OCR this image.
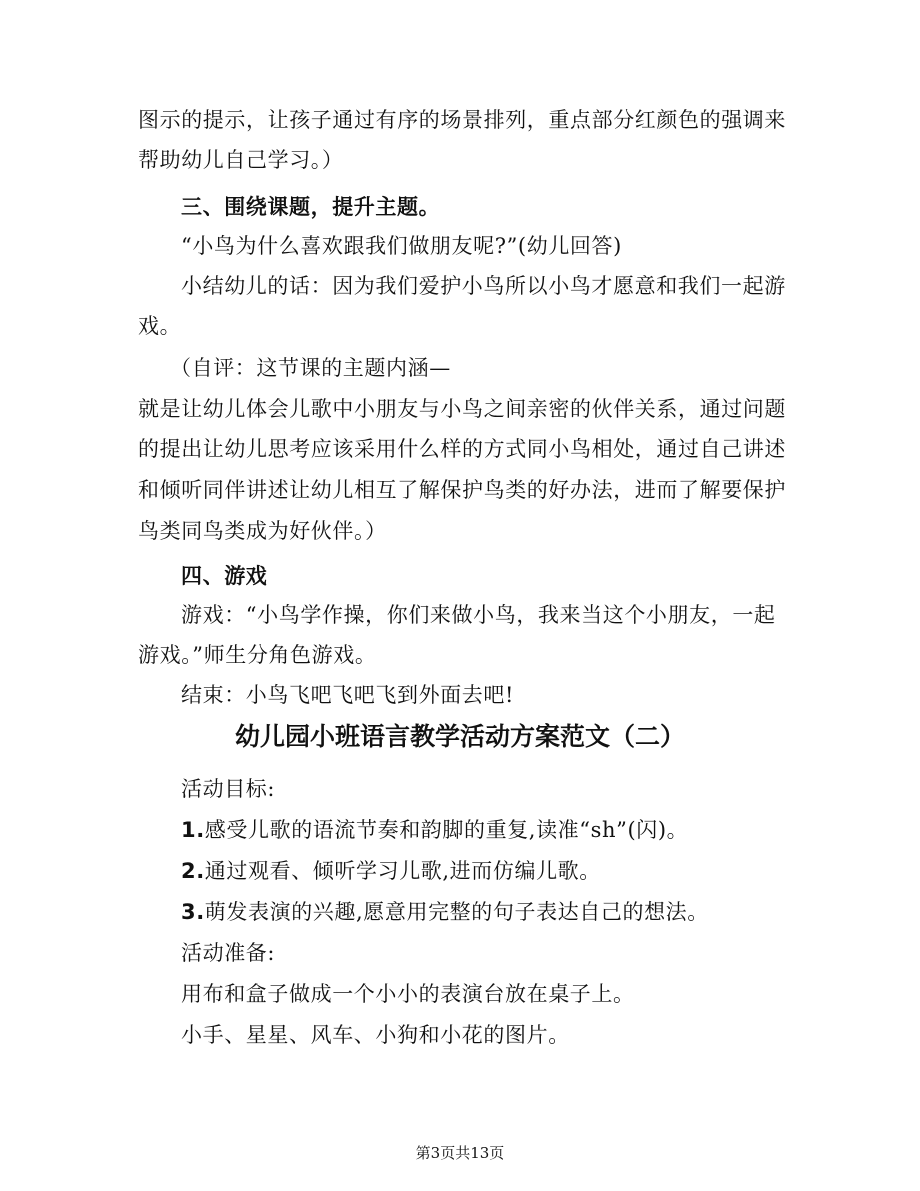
图示的提示，让孩子通过有序的场景排列，重点部分红颜色的强调来
帮助幼儿自己学习。）
三、围绕课题，提升主题。
“小鸟为什么喜欢跟我们做朋友呢?”(幼儿回答)
小结幼儿的话：因为我们爱护小鸟所以小鸟才愿意和我们一起游
戏。
（自评：这节课的主题内涵—
就是让幼儿体会儿歌中小朋友与小鸟之间亲密的伙伴关系，通过问题
的提出让幼儿思考应该采用什么样的方式同小鸟相处，通过自己讲述
和倾听同伴讲述让幼儿相互了解保护鸟类的好办法，进而了解要保护
鸟类同鸟类成为好伙伴。）
四、游戏
游戏：“小鸟学作操，你们来做小鸟，我来当这个小朋友，一起
游戏。”师生分角色游戏。
结束：小鸟飞吧飞吧飞到外面去吧!
幼儿园小班语言教学活动方案范文（二）
活动目标:
1.感受儿歌的语流节奏和韵脚的重复,读准“sh”(闪)。
2.通过观看、倾听学习儿歌,进而仿编儿歌。
3.萌发表演的兴趣,愿意用完整的句子表达自己的想法。
活动准备:
用布和盒子做成一个小小的表演台放在桌子上。
小手、星星、风车、小狗和小花的图片。
第3页共13页
